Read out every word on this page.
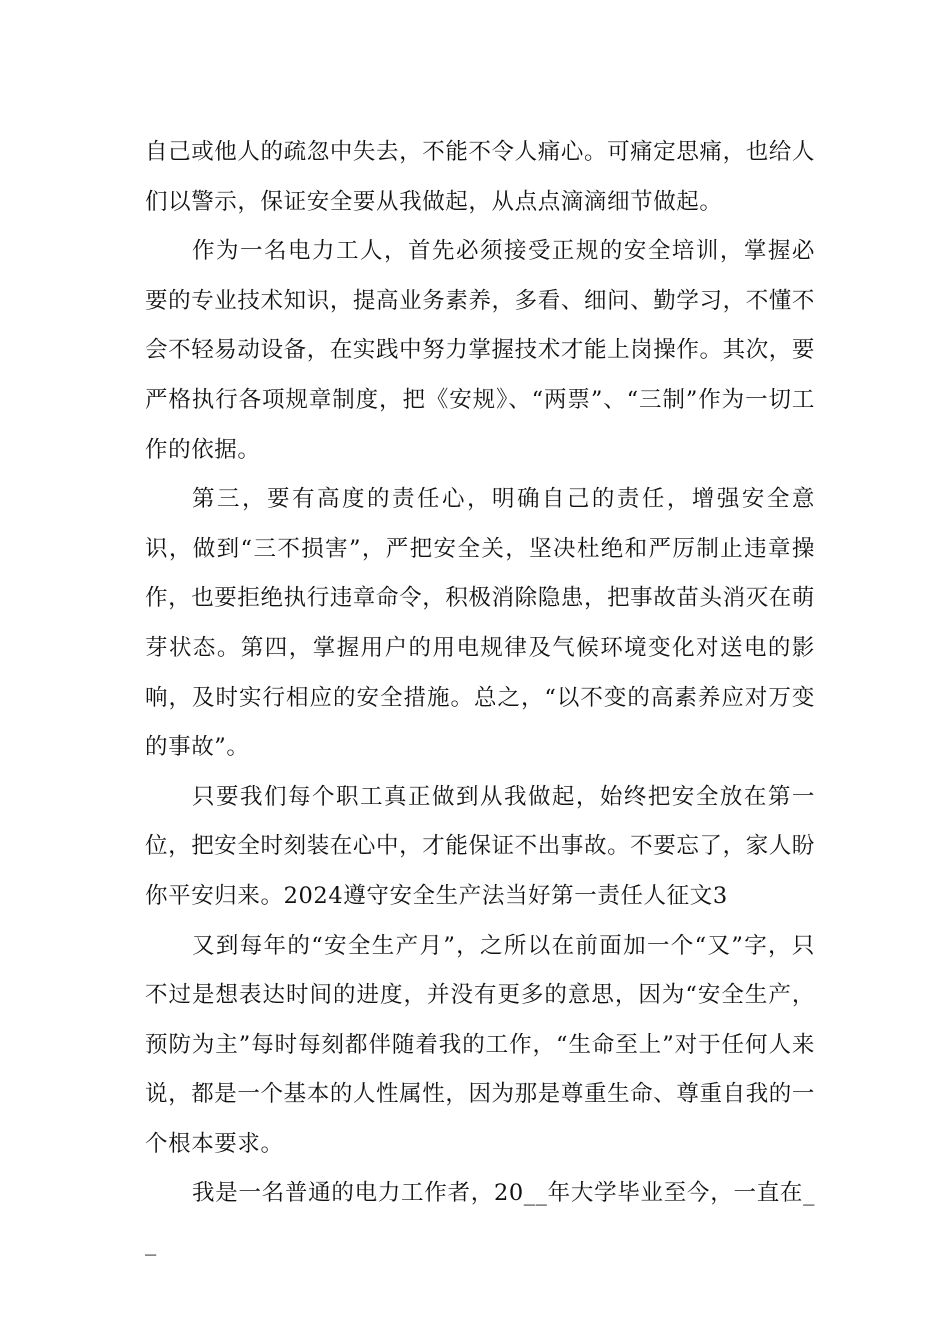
自己或他人的疏忽中失去，不能不令人痛心。可痛定思痛，也给人们以警示，保证安全要从我做起，从点点滴滴细节做起。

作为一名电力工人，首先必须接受正规的安全培训，掌握必要的专业技术知识，提高业务素养，多看、细问、勤学习，不懂不会不轻易动设备，在实践中努力掌握技术才能上岗操作。其次，要严格执行各项规章制度，把《安规》、“两票”、“三制”作为一切工作的依据。

第三，要有高度的责任心，明确自己的责任，增强安全意识，做到“三不损害”，严把安全关，坚决杜绝和严厉制止违章操作，也要拒绝执行违章命令，积极消除隐患，把事故苗头消灭在萌芽状态。第四，掌握用户的用电规律及气候环境变化对送电的影响，及时实行相应的安全措施。总之，“以不变的高素养应对万变的事故”。

只要我们每个职工真正做到从我做起，始终把安全放在第一位，把安全时刻装在心中，才能保证不出事故。不要忘了，家人盼你平安归来。2024遵守安全生产法当好第一责任人征文3

又到每年的“安全生产月”，之所以在前面加一个“又”字，只不过是想表达时间的进度，并没有更多的意思，因为“安全生产，预防为主”每时每刻都伴随着我的工作，“生命至上”对于任何人来说，都是一个基本的人性属性，因为那是尊重生命、尊重自我的一个根本要求。

我是一名普通的电力工作者，20__年大学毕业至今，一直在__
